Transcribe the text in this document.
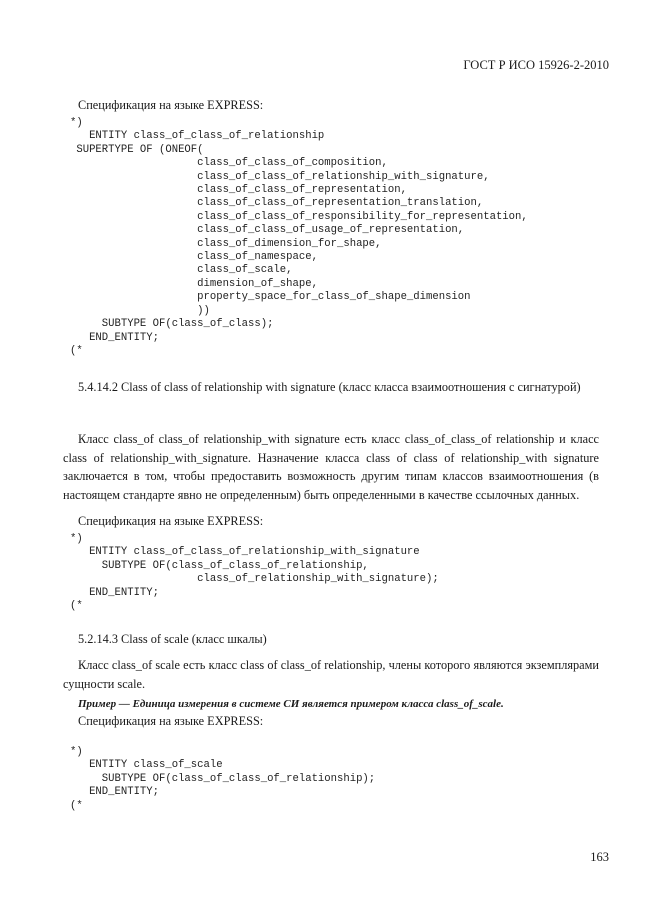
ГОСТ Р ИСО 15926-2-2010
Спецификация на языке EXPRESS:
*)
ENTITY class_of_class_of_relationship
SUPERTYPE OF (ONEOF(
class_of_class_of_composition,
class_of_class_of_relationship_with_signature,
class_of_class_of_representation,
class_of_class_of_representation_translation,
class_of_class_of_responsibility_for_representation,
class_of_class_of_usage_of_representation,
class_of_dimension_for_shape,
class_of_namespace,
class_of_scale,
dimension_of_shape,
property_space_for_class_of_shape_dimension
))
SUBTYPE OF(class_of_class);
END_ENTITY;
(*

5.4.14.2 Class of class of relationship with signature (класс класса взаимоотношения с сигнатурой)

Класс class_of class_of relationship_with signature есть класс class_of_class_of relationship и класс class of relationship_with_signature. Назначение класса class of class of relationship_with signature заключается в том, чтобы предоставить возможность другим типам классов взаимоотношения (в настоящем стандарте явно не определенным) быть определенными в качестве ссылочных данных.

Спецификация на языке EXPRESS:
*)
ENTITY class_of_class_of_relationship_with_signature
SUBTYPE OF(class_of_class_of_relationship,
class_of_relationship_with_signature);
END_ENTITY;
(*

5.2.14.3 Class of scale (класс шкалы)

Класс class_of scale есть класс class of class_of relationship, члены которого являются экземплярами сущности scale.

Пример — Единица измерения в системе СИ является примером класса class_of_scale.
Спецификация на языке EXPRESS:
*)
ENTITY class_of_scale
SUBTYPE OF(class_of_class_of_relationship);
END_ENTITY;
(*
163
